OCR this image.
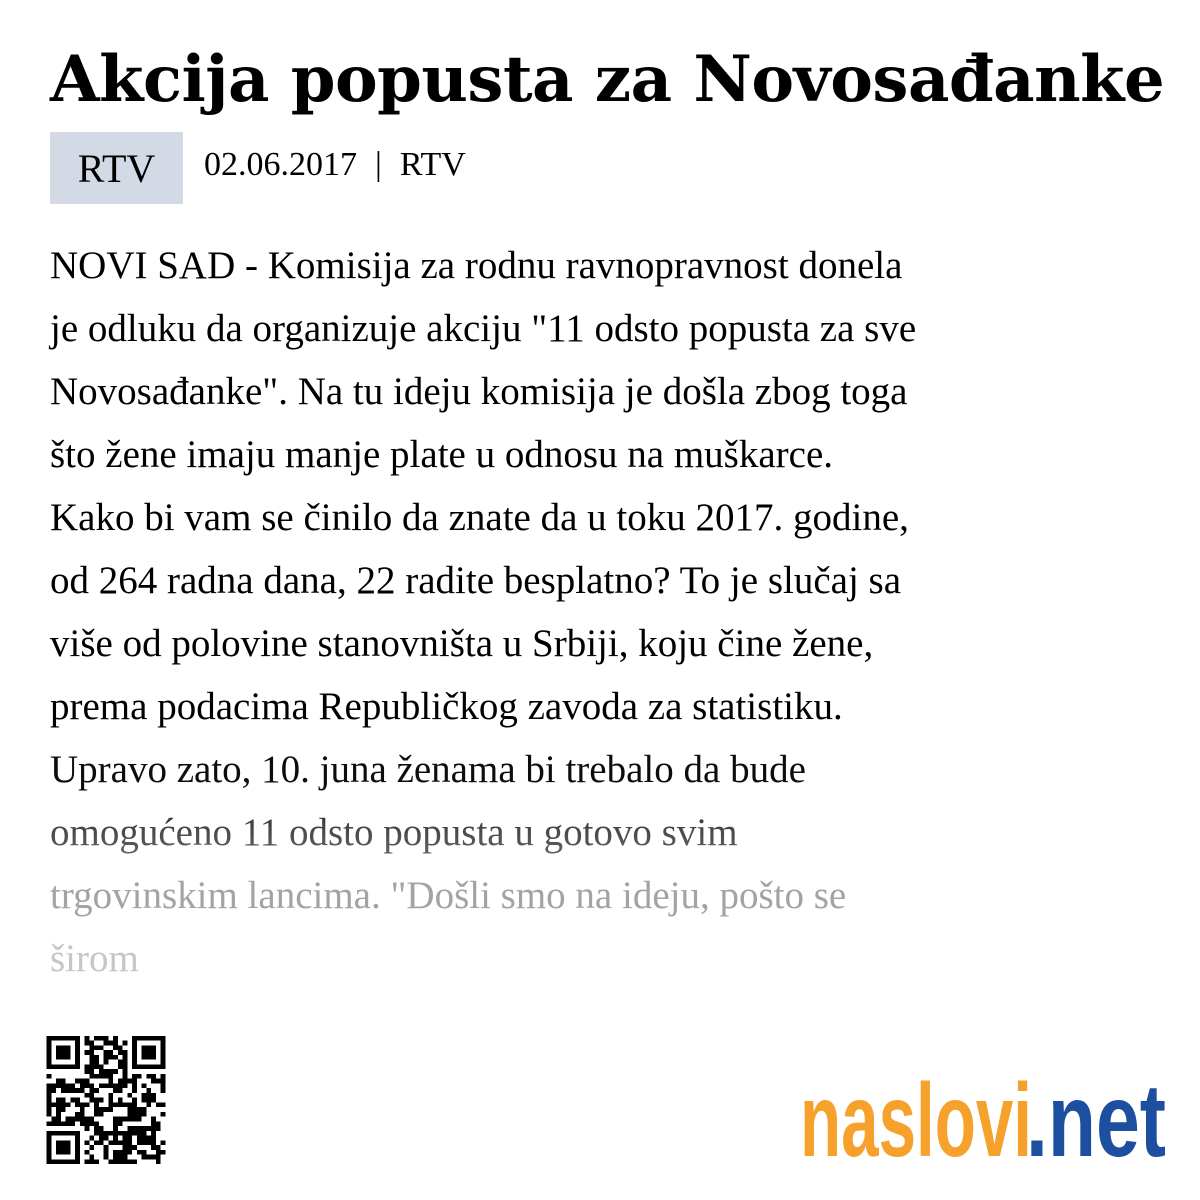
Akcija popusta za Novosađanke
RTV 02.06.2017 | RTV
NOVI SAD - Komisija za rodnu ravnopravnost donela
je odluku da organizuje akciju "11 odsto popusta za sve
Novosađanke". Na tu ideju komisija je došla zbog toga
što žene imaju manje plate u odnosu na muškarce.
Kako bi vam se činilo da znate da u toku 2017. godine,
od 264 radna dana, 22 radite besplatno? To je slučaj sa
više od polovine stanovništa u Srbiji, koju čine žene,
prema podacima Republičkog zavoda za statistiku.
Upravo zato, 10. juna ženama bi trebalo da bude
omogućeno 11 odsto popusta u gotovo svim
trgovinskim lancima. "Došli smo na ideju, pošto se
širom
naslovi
.net
